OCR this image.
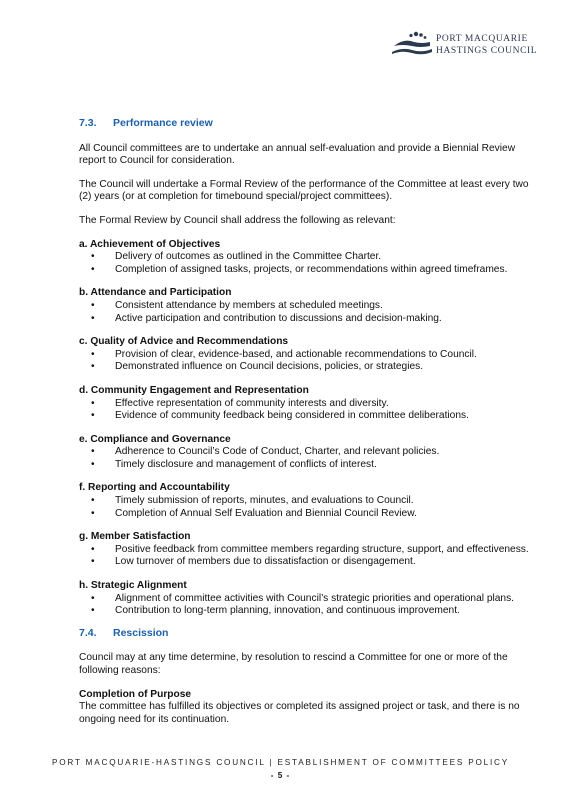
PORT MACQUARIE
HASTINGS COUNCIL

7.3. Performance review

All Council committees are to undertake an annual self-evaluation and provide a Biennial Review report to Council for consideration.

The Council will undertake a Formal Review of the performance of the Committee at least every two (2) years (or at completion for timebound special/project committees).

The Formal Review by Council shall address the following as relevant:

a. Achievement of Objectives

• Delivery of outcomes as outlined in the Committee Charter.
• Completion of assigned tasks, projects, or recommendations within agreed timeframes.

b. Attendance and Participation

• Consistent attendance by members at scheduled meetings.
• Active participation and contribution to discussions and decision-making.

c. Quality of Advice and Recommendations

• Provision of clear, evidence-based, and actionable recommendations to Council.
• Demonstrated influence on Council decisions, policies, or strategies.

d. Community Engagement and Representation

• Effective representation of community interests and diversity.
• Evidence of community feedback being considered in committee deliberations.

e. Compliance and Governance

• Adherence to Council’s Code of Conduct, Charter, and relevant policies.
• Timely disclosure and management of conflicts of interest.

f. Reporting and Accountability

• Timely submission of reports, minutes, and evaluations to Council.
• Completion of Annual Self Evaluation and Biennial Council Review.

g. Member Satisfaction

• Positive feedback from committee members regarding structure, support, and effectiveness.
• Low turnover of members due to dissatisfaction or disengagement.

h. Strategic Alignment

• Alignment of committee activities with Council’s strategic priorities and operational plans.
• Contribution to long-term planning, innovation, and continuous improvement.

7.4. Rescission

Council may at any time determine, by resolution to rescind a Committee for one or more of the following reasons:

Completion of Purpose

The committee has fulfilled its objectives or completed its assigned project or task, and there is no ongoing need for its continuation.

PORT MACQUARIE-HASTINGS COUNCIL | ESTABLISHMENT OF COMMITTEES POLICY
- 5 -
